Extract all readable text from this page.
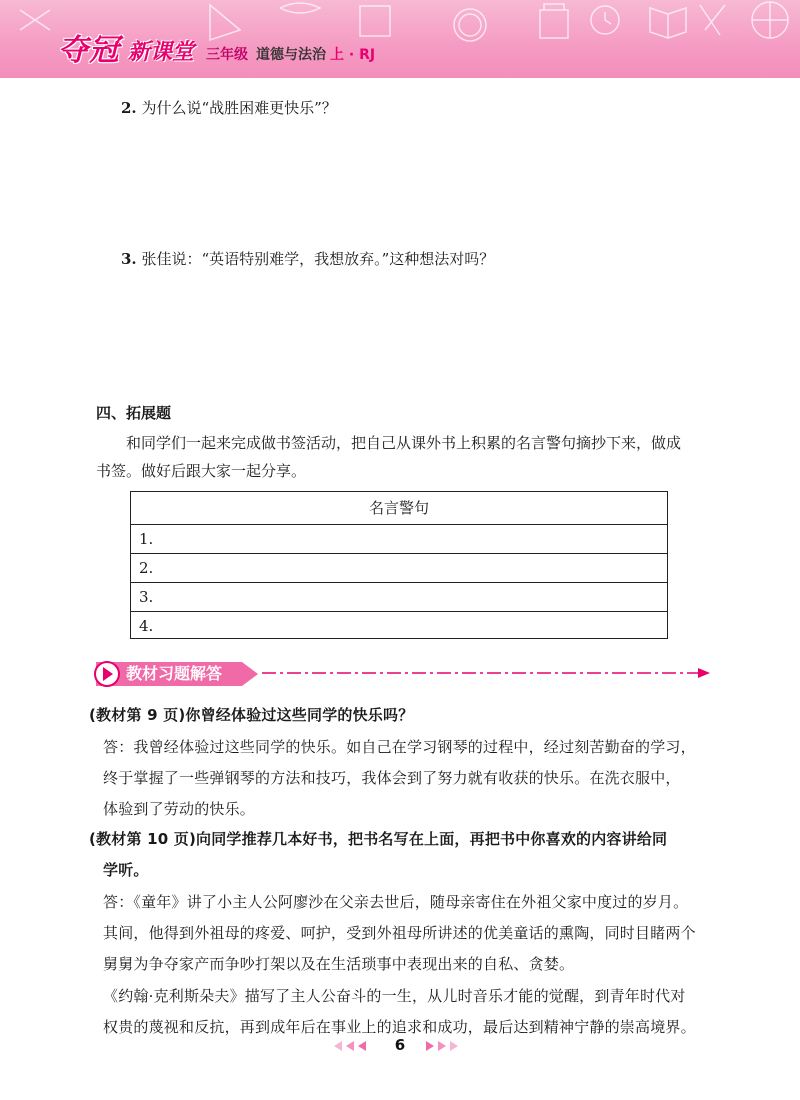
夺冠 新课堂 三年级 道德与法治 上 · RJ
2. 为什么说“战胜困难更快乐”？
3. 张佳说：“英语特别难学，我想放弃。”这种想法对吗？
四、拓展题
和同学们一起来完成做书签活动，把自己从课外书上积累的名言警句摘抄下来，做成
书签。做好后跟大家一起分享。
名言警句
1.
2.
3.
4.
教材习题解答
(教材第 9 页)你曾经体验过这些同学的快乐吗？
答：我曾经体验过这些同学的快乐。如自己在学习钢琴的过程中，经过刻苦勤奋的学习，
终于掌握了一些弹钢琴的方法和技巧，我体会到了努力就有收获的快乐。在洗衣服中，
体验到了劳动的快乐。
(教材第 10 页)向同学推荐几本好书，把书名写在上面，再把书中你喜欢的内容讲给同
学听。
答：《童年》讲了小主人公阿廖沙在父亲去世后，随母亲寄住在外祖父家中度过的岁月。
其间，他得到外祖母的疼爱、呵护，受到外祖母所讲述的优美童话的熏陶，同时目睹两个
舅舅为争夺家产而争吵打架以及在生活琐事中表现出来的自私、贪婪。
《约翰·克利斯朵夫》描写了主人公奋斗的一生，从儿时音乐才能的觉醒，到青年时代对
权贵的蔑视和反抗，再到成年后在事业上的追求和成功，最后达到精神宁静的崇高境界。
6
